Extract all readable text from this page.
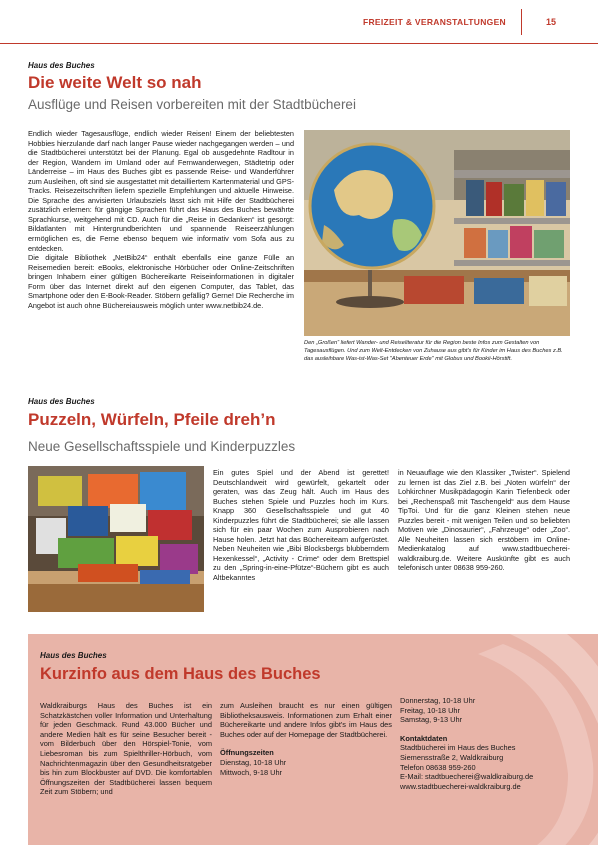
FREIZEIT & VERANSTALTUNGEN	15
Haus des Buches
Die weite Welt so nah
Ausflüge und Reisen vorbereiten mit der Stadtbücherei

Endlich wieder Tagesausflüge, endlich wieder Reisen! Einem der beliebtesten Hobbies hierzulande darf nach langer Pause wieder nachgegangen werden – und die Stadtbücherei unterstützt bei der Planung. Egal ob ausgedehnte Radltour in der Region, Wandern im Umland oder auf Fernwanderwegen, Städtetrip oder Länderreise – im Haus des Buches gibt es passende Reise- und Wanderführer zum Ausleihen, oft sind sie ausgestattet mit detailliertem Kartenmaterial und GPS-Tracks. Reisezeitschriften liefern spezielle Empfehlungen und aktuelle Hinweise. Die Sprache des anvisierten Urlaubsziels lässt sich mit Hilfe der Stadtbücherei zusätzlich erlernen: für gängige Sprachen führt das Haus des Buches bewährte Sprachkurse, weitgehend mit CD. Auch für die „Reise in Gedanken“ ist gesorgt: Bildatlanten mit Hintergrundberichten und spannende Reiseerzählungen ermöglichen es, die Ferne ebenso bequem wie informativ vom Sofa aus zu entdecken.

Die digitale Bibliothek „NetBib24“ enthält ebenfalls eine ganze Fülle an Reisemedien bereit: eBooks, elektronische Hörbücher oder Online-Zeitschriften bringen Inhabern einer gültigen Büchereikarte Reiseinformationen in digitaler Form über das Internet direkt auf den eigenen Computer, das Tablet, das Smartphone oder den E-Book-Reader. Stöbern gefällig? Gerne! Die Recherche im Angebot ist auch ohne Büchereiausweis möglich unter www.netbib24.de.

Den „Großen“ liefert Wander- und Reiseliteratur für die Region beste Infos zum Gestalten von Tagesausflügen. Und zum Welt-Entdecken von Zuhause aus gibt's für Kinder im Haus des Buches z.B. das ausleihbare Was-ist-Was-Set "Abenteuer Erde" mit Globus und Bookii-Hörstift.
Haus des Buches
Puzzeln, Würfeln, Pfeile dreh’n
Neue Gesellschaftsspiele und Kinderpuzzles

Ein gutes Spiel und der Abend ist gerettet! Deutschlandweit wird gewürfelt, gekartelt oder geraten, was das Zeug hält. Auch im Haus des Buches stehen Spiele und Puzzles hoch im Kurs. Knapp 360 Gesellschaftsspiele und gut 40 Kinderpuzzles führt die Stadtbücherei; sie alle lassen sich für ein paar Wochen zum Ausprobieren nach Hause holen. Jetzt hat das Büchereiteam aufgerüstet. Neben Neuheiten wie „Bibi Blocksbergs blubberndem Hexenkessel“, „Activity - Crime“ oder dem Brettspiel zu den „Spring-in-eine-Pfütze“-Büchern gibt es auch Altbekanntes

in Neuauflage wie den Klassiker „Twister“. Spielend zu lernen ist das Ziel z.B. bei „Noten würfeln“ der Lohkirchner Musikpädagogin Karin Tiefenbeck oder bei „Rechenspaß mit Taschengeld“ aus dem Hause TipToi. Und für die ganz Kleinen stehen neue Puzzles bereit - mit wenigen Teilen und so beliebten Motiven wie „Dinosaurier“, „Fahrzeuge“ oder „Zoo“. Alle Neuheiten lassen sich erstöbern im Online-Medienkatalog auf www.stadtbuecherei-waldkraiburg.de. Weitere Auskünfte gibt es auch telefonisch unter 08638 959-260.

Haus des Buches
Kurzinfo aus dem Haus des Buches
Waldkraiburgs Haus des Buches ist ein Schatzkästchen voller Information und Unterhaltung für jeden Geschmack. Rund 43.000 Bücher und andere Medien hält es für seine Besucher bereit - vom Bilderbuch über den Hörspiel-Tonie, vom Liebesroman bis zum Spielthriller-Hörbuch, vom Nachrichtenmagazin über den Gesundheitsratgeber bis hin zum Blockbuster auf DVD. Die komfortablen Öffnungszeiten der Stadtbücherei lassen bequem Zeit zum Stöbern; und
zum Ausleihen braucht es nur einen gültigen Bibliotheksausweis. Informationen zum Erhalt einer Büchereikarte und andere Infos gibt's im Haus des Buches oder auf der Homepage der Stadtbücherei.
Öffnungszeiten
Dienstag, 10-18 Uhr
Mittwoch, 9-18 Uhr
Donnerstag, 10-18 Uhr
Freitag, 10-18 Uhr
Samstag, 9-13 Uhr
Kontaktdaten
Stadtbücherei im Haus des Buches
Siemensstraße 2, Waldkraiburg
Telefon 08638 959-260
E-Mail: stadtbuecherei@waldkraiburg.de
www.stadtbuecherei-waldkraiburg.de
